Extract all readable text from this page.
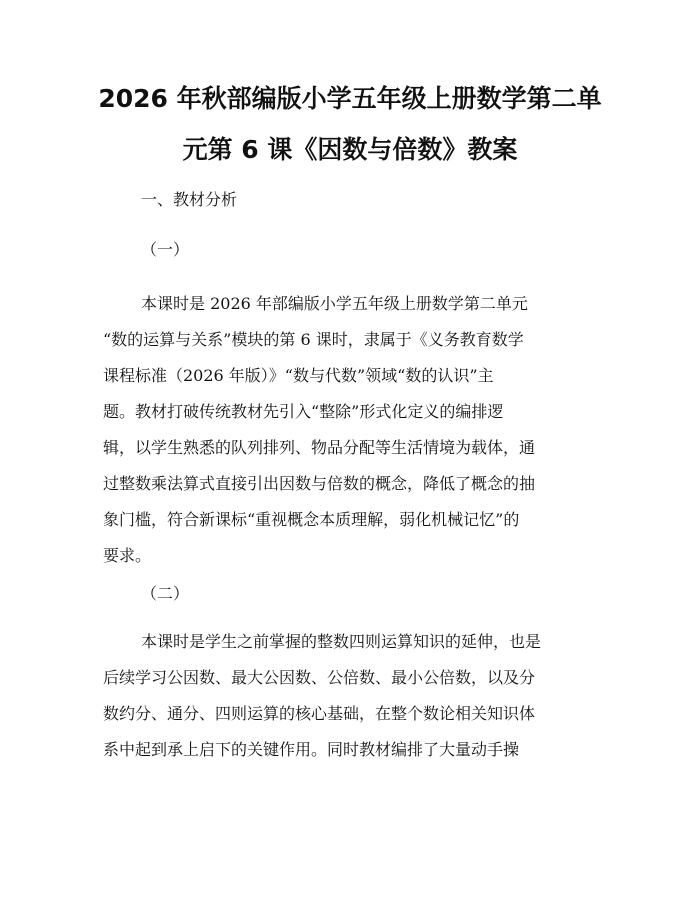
2026 年秋部编版小学五年级上册数学第二单
元第 6 课《因数与倍数》教案

一、教材分析

（一）

本课时是 2026 年部编版小学五年级上册数学第二单元
“数的运算与关系”模块的第 6 课时，隶属于《义务教育数学
课程标准（2026 年版）》“数与代数”领域“数的认识”主
题。教材打破传统教材先引入“整除”形式化定义的编排逻
辑，以学生熟悉的队列排列、物品分配等生活情境为载体，通
过整数乘法算式直接引出因数与倍数的概念，降低了概念的抽
象门槛，符合新课标“重视概念本质理解，弱化机械记忆”的
要求。

（二）

本课时是学生之前掌握的整数四则运算知识的延伸，也是
后续学习公因数、最大公因数、公倍数、最小公倍数，以及分
数约分、通分、四则运算的核心基础，在整个数论相关知识体
系中起到承上启下的关键作用。同时教材编排了大量动手操
